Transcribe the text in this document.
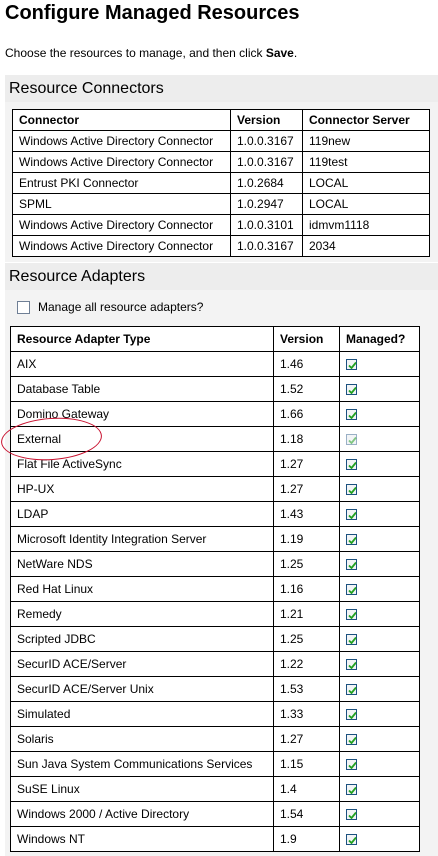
Configure Managed Resources
Choose the resources to manage, and then click Save.
Resource Connectors
Connector	Version	Connector Server
Windows Active Directory Connector	1.0.0.3167	119new
Windows Active Directory Connector	1.0.0.3167	119test
Entrust PKI Connector	1.0.2684	LOCAL
SPML	1.0.2947	LOCAL
Windows Active Directory Connector	1.0.0.3101	idmvm1118
Windows Active Directory Connector	1.0.0.3167	2034
Resource Adapters
Manage all resource adapters?
Resource Adapter Type	Version	Managed?
AIX	1.46	

Database Table	1.52	

Domino Gateway	1.66	

External	1.18	

Flat File ActiveSync	1.27	

HP-UX	1.27	

LDAP	1.43	

Microsoft Identity Integration Server	1.19	

NetWare NDS	1.25	

Red Hat Linux	1.16	

Remedy	1.21	

Scripted JDBC	1.25	

SecurID ACE/Server	1.22	

SecurID ACE/Server Unix	1.53	

Simulated	1.33	

Solaris	1.27	

Sun Java System Communications Services	1.15	

SuSE Linux	1.4	

Windows 2000 / Active Directory	1.54	

Windows NT	1.9	
